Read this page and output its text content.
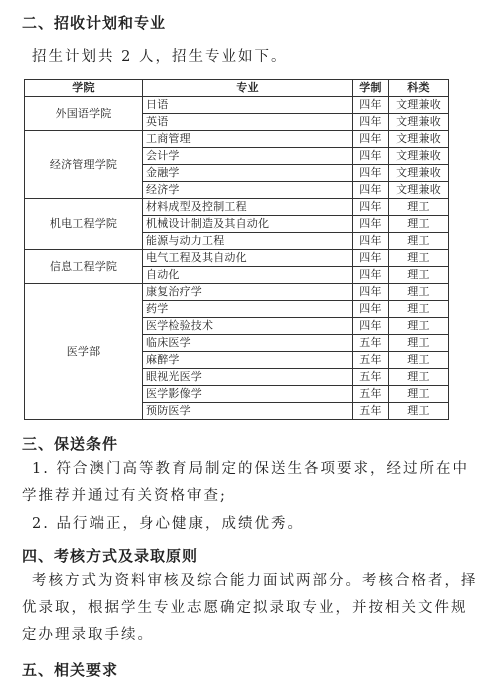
二、招收计划和专业
招生计划共 2 人，招生专业如下。
学院	专业	学制	科类
外国语学院	日语	四年	文理兼收
	英语	四年	文理兼收
经济管理学院	工商管理	四年	文理兼收
	会计学	四年	文理兼收
	金融学	四年	文理兼收
	经济学	四年	文理兼收
机电工程学院	材料成型及控制工程	四年	理工
	机械设计制造及其自动化	四年	理工
	能源与动力工程	四年	理工
信息工程学院	电气工程及其自动化	四年	理工
	自动化	四年	理工
医学部	康复治疗学	四年	理工
	药学	四年	理工
	医学检验技术	四年	理工
	临床医学	五年	理工
	麻醉学	五年	理工
	眼视光医学	五年	理工
	医学影像学	五年	理工
	预防医学	五年	理工
三、保送条件
1. 符合澳门高等教育局制定的保送生各项要求，经过所在中学推荐并通过有关资格审查;
2. 品行端正，身心健康，成绩优秀。
四、考核方式及录取原则
考核方式为资料审核及综合能力面试两部分。考核合格者，择优录取，根据学生专业志愿确定拟录取专业，并按相关文件规定办理录取手续。
五、相关要求
